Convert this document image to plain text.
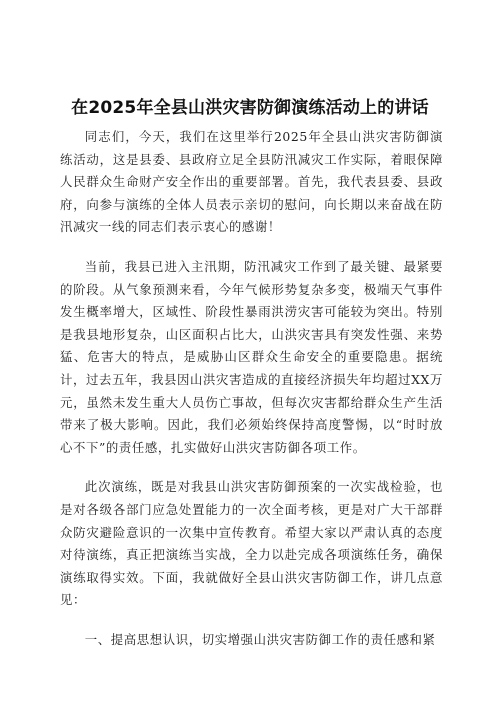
在2025年全县山洪灾害防御演练活动上的讲话

同志们，今天，我们在这里举行2025年全县山洪灾害防御演练活动，这是县委、县政府立足全县防汛减灾工作实际，着眼保障人民群众生命财产安全作出的重要部署。首先，我代表县委、县政府，向参与演练的全体人员表示亲切的慰问，向长期以来奋战在防汛减灾一线的同志们表示衷心的感谢！

当前，我县已进入主汛期，防汛减灾工作到了最关键、最紧要的阶段。从气象预测来看，今年气候形势复杂多变，极端天气事件发生概率增大，区域性、阶段性暴雨洪涝灾害可能较为突出。特别是我县地形复杂，山区面积占比大，山洪灾害具有突发性强、来势猛、危害大的特点，是威胁山区群众生命安全的重要隐患。据统计，过去五年，我县因山洪灾害造成的直接经济损失年均超过XX万元，虽然未发生重大人员伤亡事故，但每次灾害都给群众生产生活带来了极大影响。因此，我们必须始终保持高度警惕，以“时时放心不下”的责任感，扎实做好山洪灾害防御各项工作。

此次演练，既是对我县山洪灾害防御预案的一次实战检验，也是对各级各部门应急处置能力的一次全面考核，更是对广大干部群众防灾避险意识的一次集中宣传教育。希望大家以严肃认真的态度对待演练，真正把演练当实战，全力以赴完成各项演练任务，确保演练取得实效。下面，我就做好全县山洪灾害防御工作，讲几点意见：

一、提高思想认识，切实增强山洪灾害防御工作的责任感和紧
